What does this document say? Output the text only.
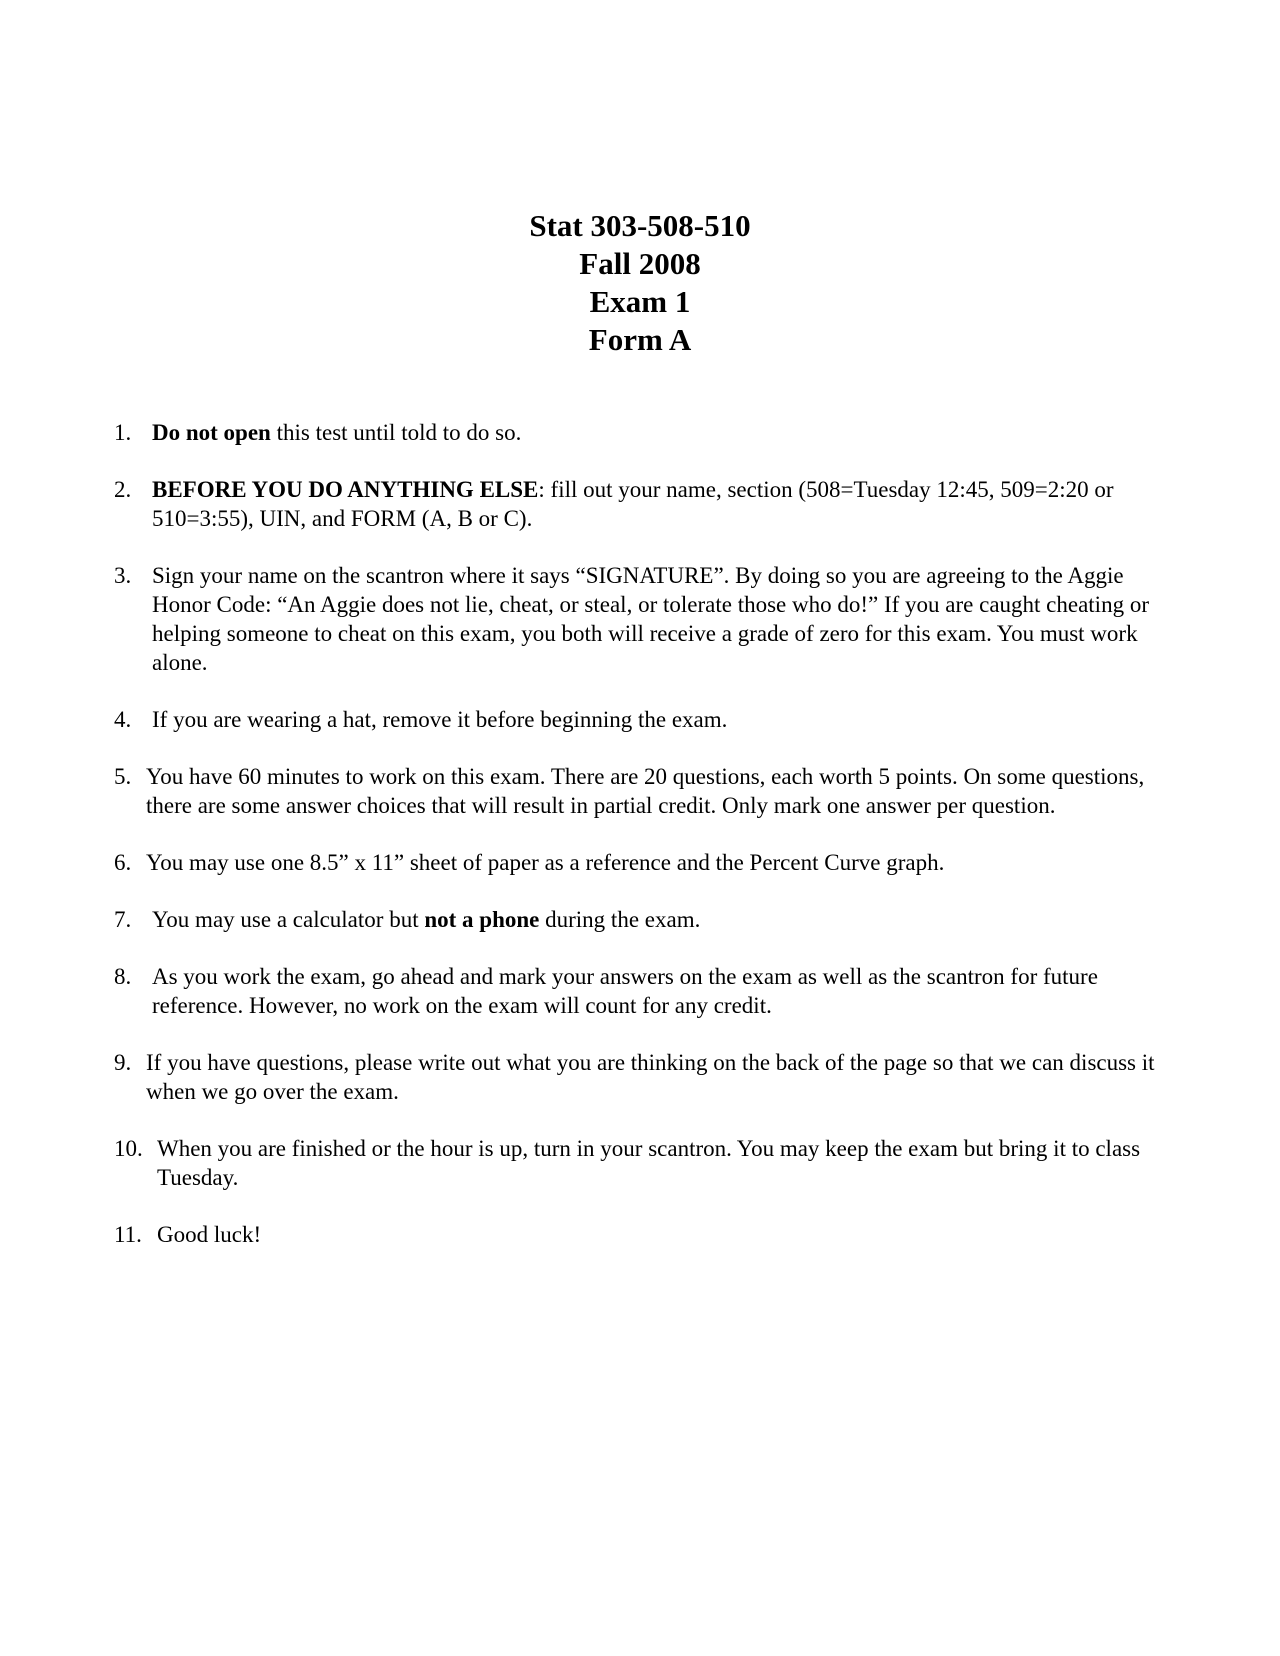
Stat 303-508-510

Fall 2008

Exam 1

Form A

1. Do not open this test until told to do so.
2. BEFORE YOU DO ANYTHING ELSE: fill out your name, section (508=Tuesday 12:45, 509=2:20 or 510=3:55), UIN, and FORM (A, B or C).
3. Sign your name on the scantron where it says “SIGNATURE”. By doing so you are agreeing to the Aggie Honor Code: “An Aggie does not lie, cheat, or steal, or tolerate those who do!” If you are caught cheating or helping someone to cheat on this exam, you both will receive a grade of zero for this exam. You must work alone.
4. If you are wearing a hat, remove it before beginning the exam.
5. You have 60 minutes to work on this exam. There are 20 questions, each worth 5 points. On some questions, there are some answer choices that will result in partial credit. Only mark one answer per question.
6. You may use one 8.5” x 11” sheet of paper as a reference and the Percent Curve graph.
7. You may use a calculator but not a phone during the exam.
8. As you work the exam, go ahead and mark your answers on the exam as well as the scantron for future reference. However, no work on the exam will count for any credit.
9. If you have questions, please write out what you are thinking on the back of the page so that we can discuss it when we go over the exam.
10. When you are finished or the hour is up, turn in your scantron. You may keep the exam but bring it to class Tuesday.
11. Good luck!
